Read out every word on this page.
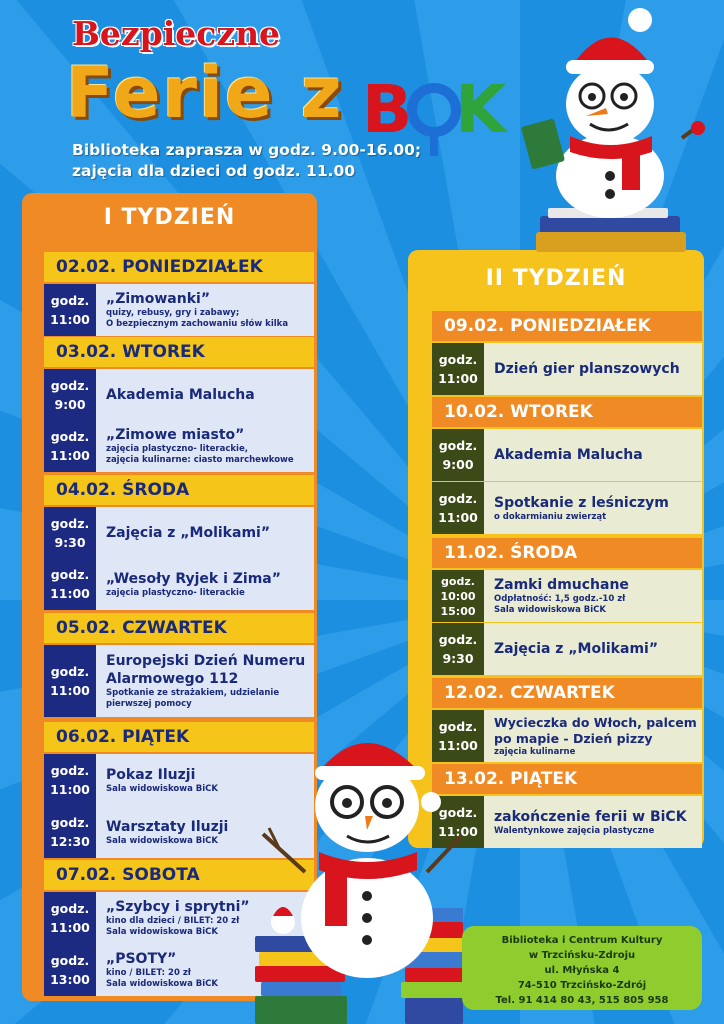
Bezpieczne
Ferie z B K
Biblioteka zaprasza w godz. 9.00-16.00;
zajęcia dla dzieci od godz. 11.00
I TYDZIEŃ
02.02. PONIEDZIAŁEK
godz.
11:00
„Zimowanki”
quizy, rebusy, gry i zabawy;
O bezpiecznym zachowaniu słów kilka
03.02. WTOREK
godz.
9:00
Akademia Malucha
godz.
11:00
„Zimowe miasto”
zajęcia plastyczno- literackie,
zajęcia kulinarne: ciasto marchewkowe
04.02. ŚRODA
godz.
9:30
Zajęcia z „Molikami”
godz.
11:00
„Wesoły Ryjek i Zima”
zajęcia plastyczno- literackie
05.02. CZWARTEK
godz.
11:00
Europejski Dzień Numeru Alarmowego 112
Spotkanie ze strażakiem, udzielanie
pierwszej pomocy
06.02. PIĄTEK
godz.
11:00
Pokaz Iluzji
Sala widowiskowa BiCK
godz.
12:30
Warsztaty Iluzji
Sala widowiskowa BiCK
07.02. SOBOTA
godz.
11:00
„Szybcy i sprytni”
kino dla dzieci / BILET: 20 zł
Sala widowiskowa BiCK
godz.
13:00
„PSOTY”
kino / BILET: 20 zł
Sala widowiskowa BiCK
II TYDZIEŃ
09.02. PONIEDZIAŁEK
godz.
11:00
Dzień gier planszowych
10.02. WTOREK
godz.
9:00
Akademia Malucha
godz.
11:00
Spotkanie z leśniczym
o dokarmianiu zwierząt
11.02. ŚRODA
godz.
10:00
15:00
Zamki dmuchane
Odpłatność: 1,5 godz.-10 zł
Sala widowiskowa BiCK
godz.
9:30
Zajęcia z „Molikami”
12.02. CZWARTEK
godz.
11:00
Wycieczka do Włoch, palcem po mapie - Dzień pizzy
zajęcia kulinarne
13.02. PIĄTEK
godz.
11:00
zakończenie ferii w BiCK
Walentynkowe zajęcia plastyczne
Biblioteka i Centrum Kultury
w Trzcińsku-Zdroju
ul. Młyńska 4
74-510 Trzcińsko-Zdrój
Tel. 91 414 80 43, 515 805 958
